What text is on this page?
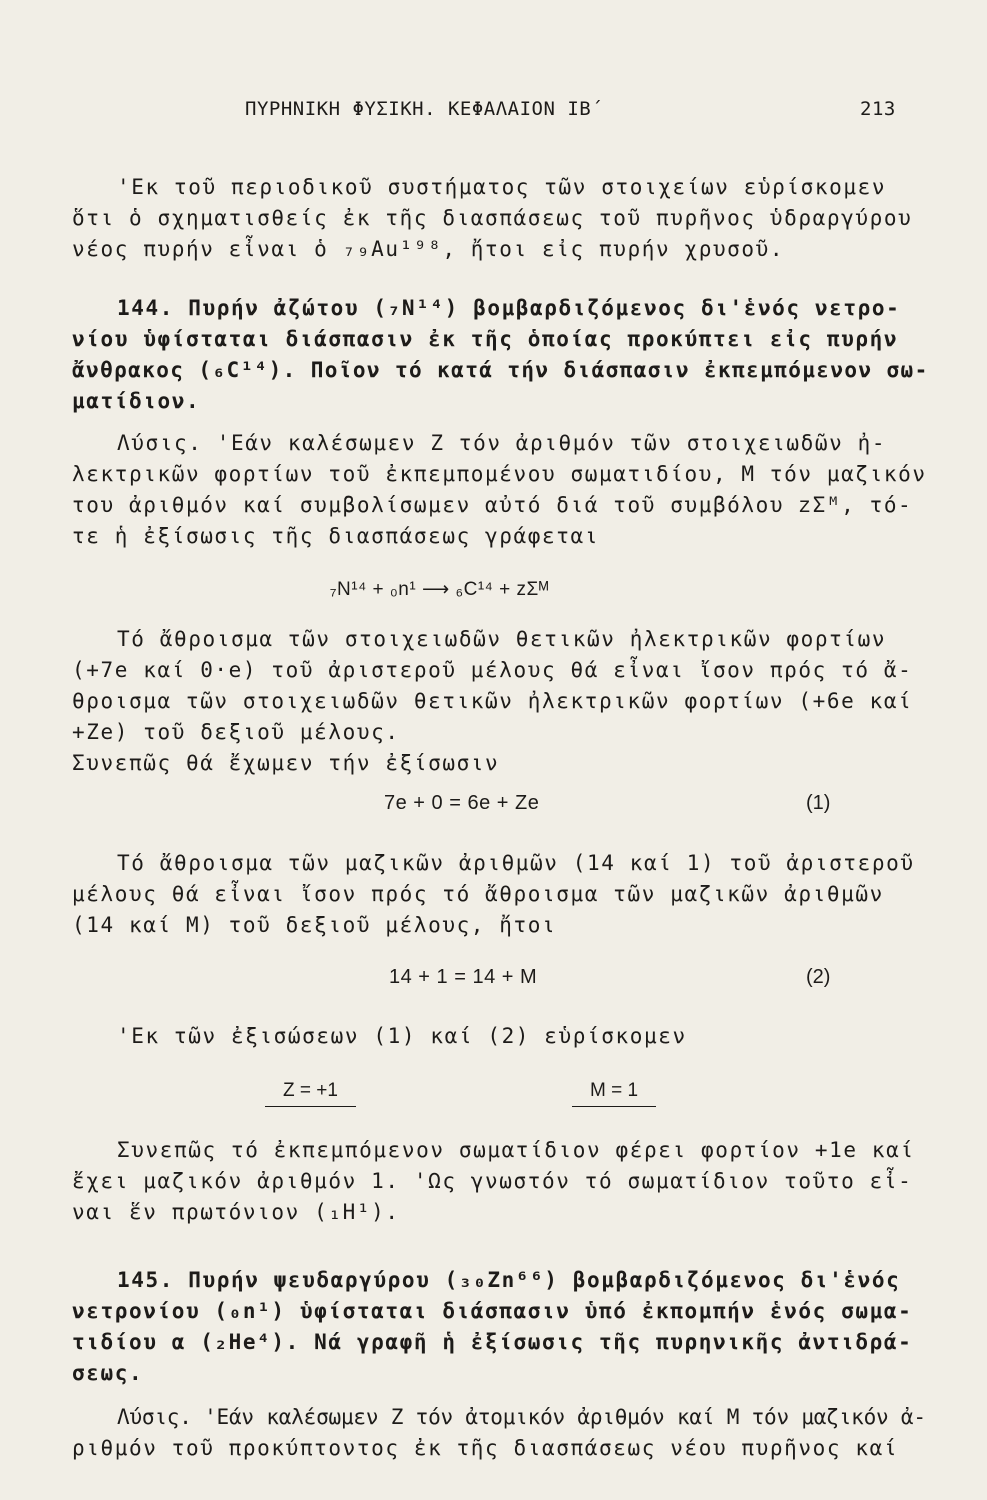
ΠΥΡΗΝΙΚΗ ΦΥΣΙΚΗ. ΚΕΦΑΛΑΙΟΝ ΙΒ΄	213
'Εκ τοῦ περιοδικοῦ συστήματος τῶν στοιχείων εὑρίσκομεν
ὅτι ὁ σχηματισθείς ἐκ τῆς διασπάσεως τοῦ πυρῆνος ὑδραργύρου
νέος πυρήν εἶναι ὁ ₇₉Au¹⁹⁸, ἤτοι εἰς πυρήν χρυσοῦ.
144. Πυρήν ἀζώτου (₇N¹⁴) βομβαρδιζόμενος δι'ἑνός νετρο-
νίου ὑφίσταται διάσπασιν ἐκ τῆς ὁποίας προκύπτει εἰς πυρήν
ἄνθρακος (₆C¹⁴). Ποῖον τό κατά τήν διάσπασιν ἐκπεμπόμενον σω-
ματίδιον.
Λύσις. 'Εάν καλέσωμεν Z τόν ἀριθμόν τῶν στοιχειωδῶν ἠ-
λεκτρικῶν φορτίων τοῦ ἐκπεμπομένου σωματιδίου, M τόν μαζικόν
του ἀριθμόν καί συμβολίσωμεν αὐτό διά τοῦ συμβόλου ᴢΣᴹ, τό-
τε ἡ ἐξίσωσις τῆς διασπάσεως γράφεται
₇N¹⁴ + ₀n¹ ⟶ ₆C¹⁴ + ᴢΣᴹ
Τό ἄθροισμα τῶν στοιχειωδῶν θετικῶν ἠλεκτρικῶν φορτίων
(+7e καί 0·e) τοῦ ἀριστεροῦ μέλους θά εἶναι ἴσον πρός τό ἄ-
θροισμα τῶν στοιχειωδῶν θετικῶν ἠλεκτρικῶν φορτίων (+6e καί
+Ze) τοῦ δεξιοῦ μέλους.
Συνεπῶς θά ἔχωμεν τήν ἐξίσωσιν
7e + 0 = 6e + Ze	(1)
Τό ἄθροισμα τῶν μαζικῶν ἀριθμῶν (14 καί 1) τοῦ ἀριστεροῦ
μέλους θά εἶναι ἴσον πρός τό ἄθροισμα τῶν μαζικῶν ἀριθμῶν
(14 καί M) τοῦ δεξιοῦ μέλους, ἤτοι
14 + 1 = 14 + M	(2)
'Εκ τῶν ἐξισώσεων (1) καί (2) εὑρίσκομεν
Z = +1	M = 1
Συνεπῶς τό ἐκπεμπόμενον σωματίδιον φέρει φορτίον +1e καί
ἔχει μαζικόν ἀριθμόν 1. 'Ως γνωστόν τό σωματίδιον τοῦτο εἶ-
ναι ἕν πρωτόνιον (₁H¹).
145. Πυρήν ψευδαργύρου (₃₀Zn⁶⁶) βομβαρδιζόμενος δι'ἑνός
νετρονίου (₀n¹) ὑφίσταται διάσπασιν ὑπό ἐκπομπήν ἑνός σωμα-
τιδίου α (₂He⁴). Νά γραφῆ ἡ ἐξίσωσις τῆς πυρηνικῆς ἀντιδρά-
σεως.
Λύσις. 'Εάν καλέσωμεν Z τόν ἀτομικόν ἀριθμόν καί M τόν μαζικόν ἀ-
ριθμόν τοῦ προκύπτοντος ἐκ τῆς διασπάσεως νέου πυρῆνος καί
